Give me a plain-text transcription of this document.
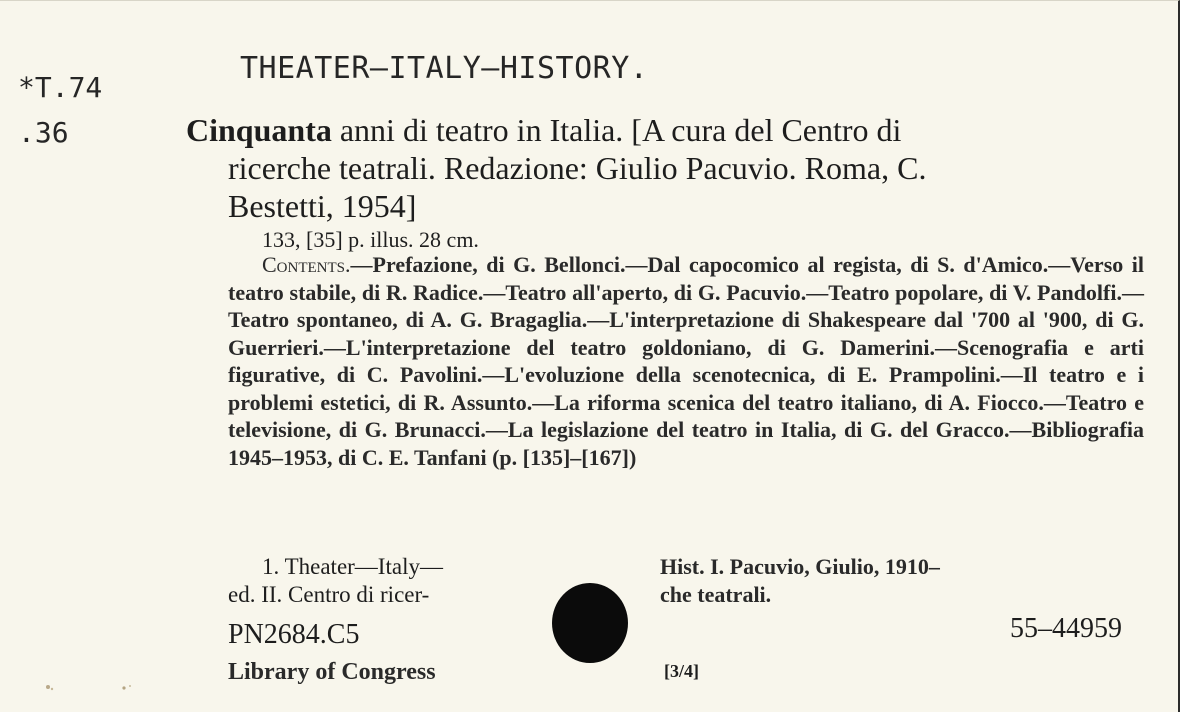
THEATER—ITALY—HISTORY.
*T.74
.36	Cinquanta anni di teatro in Italia. [A cura del Centro di
ricerche teatrali. Redazione: Giulio Pacuvio. Roma, C.
Bestetti, 1954]
133, [35] p. illus. 28 cm.
Contents.—Prefazione, di G. Bellonci.—Dal capocomico al regista, di S. d'Amico.—Verso il teatro stabile, di R. Radice.—Teatro all'aperto, di G. Pacuvio.—Teatro popolare, di V. Pandolfi.—Teatro spontaneo, di A. G. Bragaglia.—L'interpretazione di Shakespeare dal '700 al '900, di G. Guerrieri.—L'interpretazione del teatro goldoniano, di G. Damerini.—Scenografia e arti figurative, di C. Pavolini.—L'evoluzione della scenotecnica, di E. Prampolini.—Il teatro e i problemi estetici, di R. Assunto.—La riforma scenica del teatro italiano, di A. Fiocco.—Teatro e televisione, di G. Brunacci.—La legislazione del teatro in Italia, di G. del Gracco.—Bibliografia 1945–1953, di C. E. Tanfani (p. [135]–[167])
1. Theater—Italy—
ed. II. Centro di ricer-
Hist. I. Pacuvio, Giulio, 1910–
che teatrali.
PN2684.C5	55–44959
Library of Congress	[3/4]
